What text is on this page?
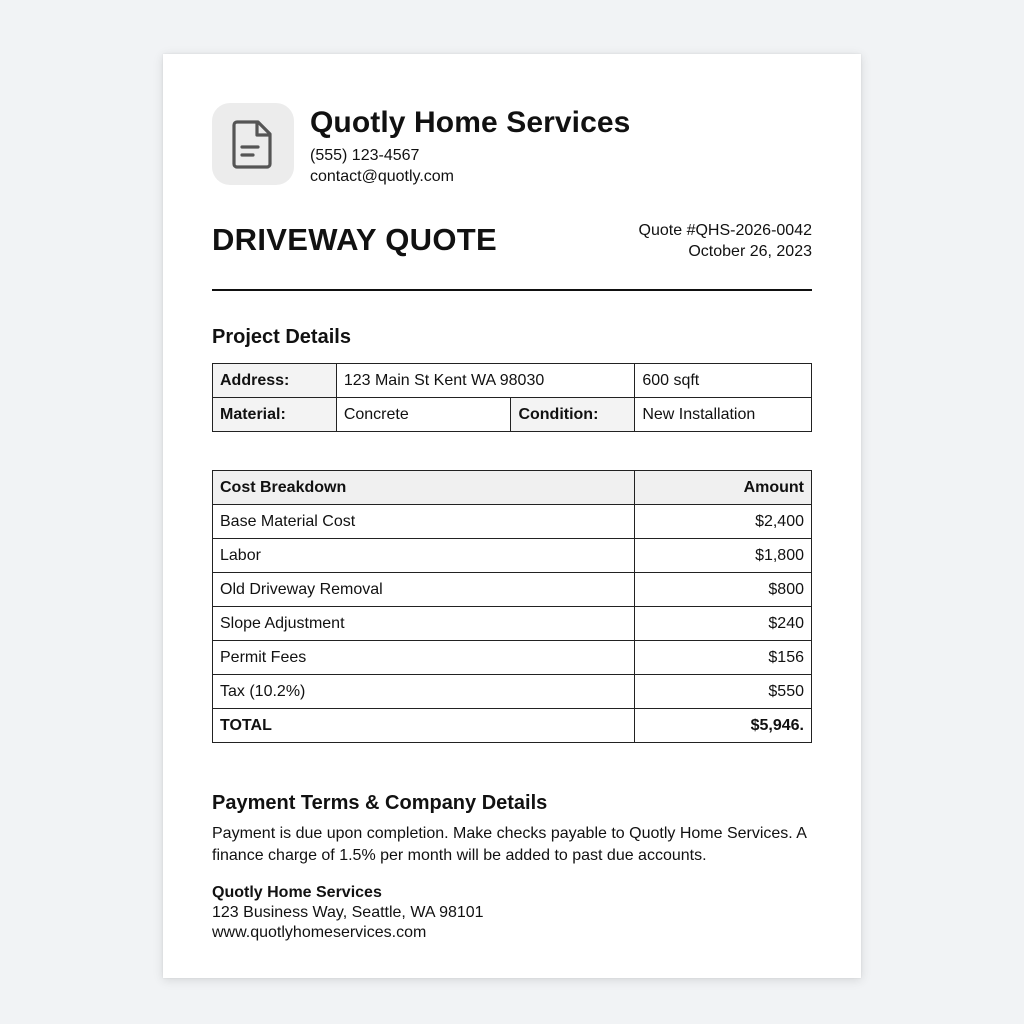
Quotly Home Services
(555) 123-4567
contact@quotly.com
DRIVEWAY QUOTE	Quote #QHS-2026-0042
October 26, 2023
Project Details
Address:	123 Main St Kent WA 98030		600 sqft
Material:	Concrete	Condition:	New Installation
Cost Breakdown	Amount
Base Material Cost	$2,400
Labor	$1,800
Old Driveway Removal	$800
Slope Adjustment	$240
Permit Fees	$156
Tax (10.2%)	$550
TOTAL	$5,946.
Payment Terms & Company Details
Payment is due upon completion. Make checks payable to Quotly Home Services. A finance charge of 1.5% per month will be added to past due accounts.
Quotly Home Services
123 Business Way, Seattle, WA 98101
www.quotlyhomeservices.com
